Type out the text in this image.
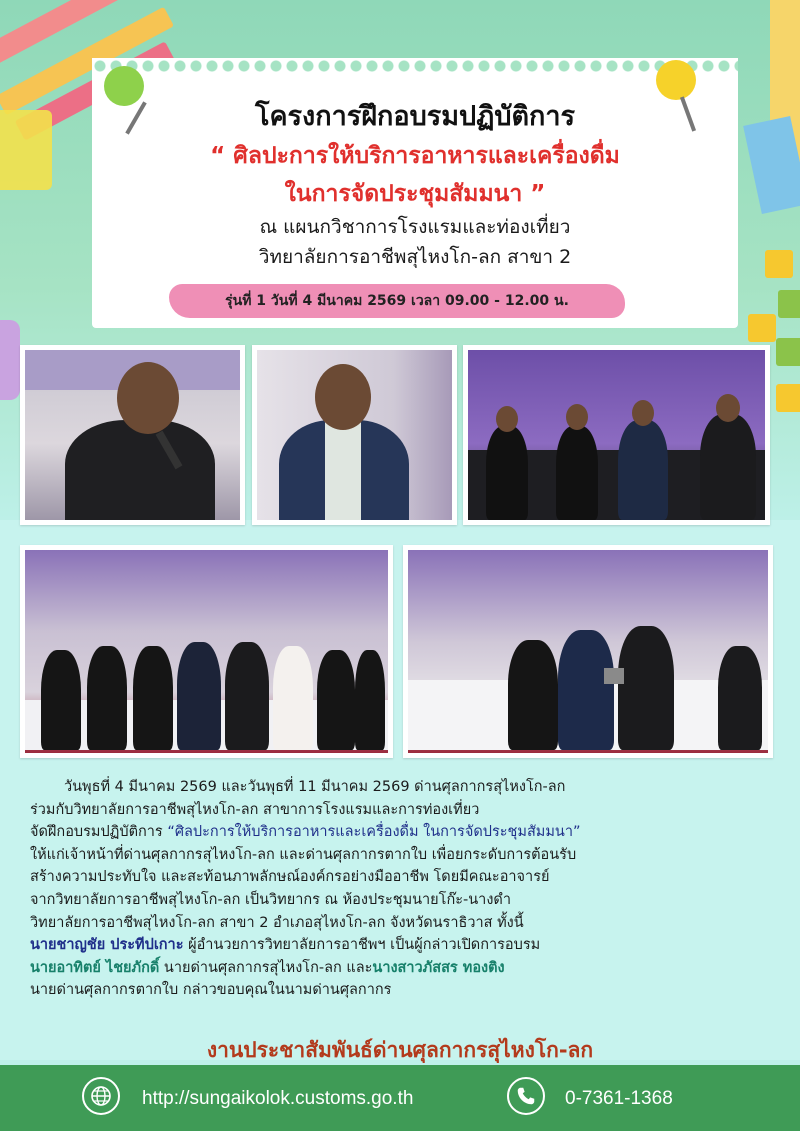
โครงการฝึกอบรมปฏิบัติการ
“ ศิลปะการให้บริการอาหารและเครื่องดื่ม
ในการจัดประชุมสัมมนา ”
ณ แผนกวิชาการโรงแรมและท่องเที่ยว
วิทยาลัยการอาชีพสุไหงโก-ลก สาขา 2
รุ่นที่ 1 วันที่ 4 มีนาคม 2569 เวลา 09.00 - 12.00 น.

วันพุธที่ 4 มีนาคม 2569 และวันพุธที่ 11 มีนาคม 2569 ด่านศุลกากรสุไหงโก-ลก

ร่วมกับวิทยาลัยการอาชีพสุไหงโก-ลก สาขาการโรงแรมและการท่องเที่ยว

จัดฝึกอบรมปฏิบัติการ “ศิลปะการให้บริการอาหารและเครื่องดื่ม ในการจัดประชุมสัมมนา”

ให้แก่เจ้าหน้าที่ด่านศุลกากรสุไหงโก-ลก และด่านศุลกากรตากใบ เพื่อยกระดับการต้อนรับ

สร้างความประทับใจ และสะท้อนภาพลักษณ์องค์กรอย่างมืออาชีพ โดยมีคณะอาจารย์

จากวิทยาลัยการอาชีพสุไหงโก-ลก เป็นวิทยากร ณ ห้องประชุมนายโก๊ะ-นางดำ

วิทยาลัยการอาชีพสุไหงโก-ลก สาขา 2 อำเภอสุไหงโก-ลก จังหวัดนราธิวาส ทั้งนี้

นายชาญชัย ประทีปเกาะ ผู้อำนวยการวิทยาลัยการอาชีพฯ เป็นผู้กล่าวเปิดการอบรม

นายอาทิตย์ ไชยภักดิ์ นายด่านศุลกากรสุไหงโก-ลก และนางสาวภัสสร ทองติง

นายด่านศุลกากรตากใบ กล่าวขอบคุณในนามด่านศุลกากร

งานประชาสัมพันธ์ด่านศุลกากรสุไหงโก-ลก
http://sungaikolok.customs.go.th	0-7361-1368
